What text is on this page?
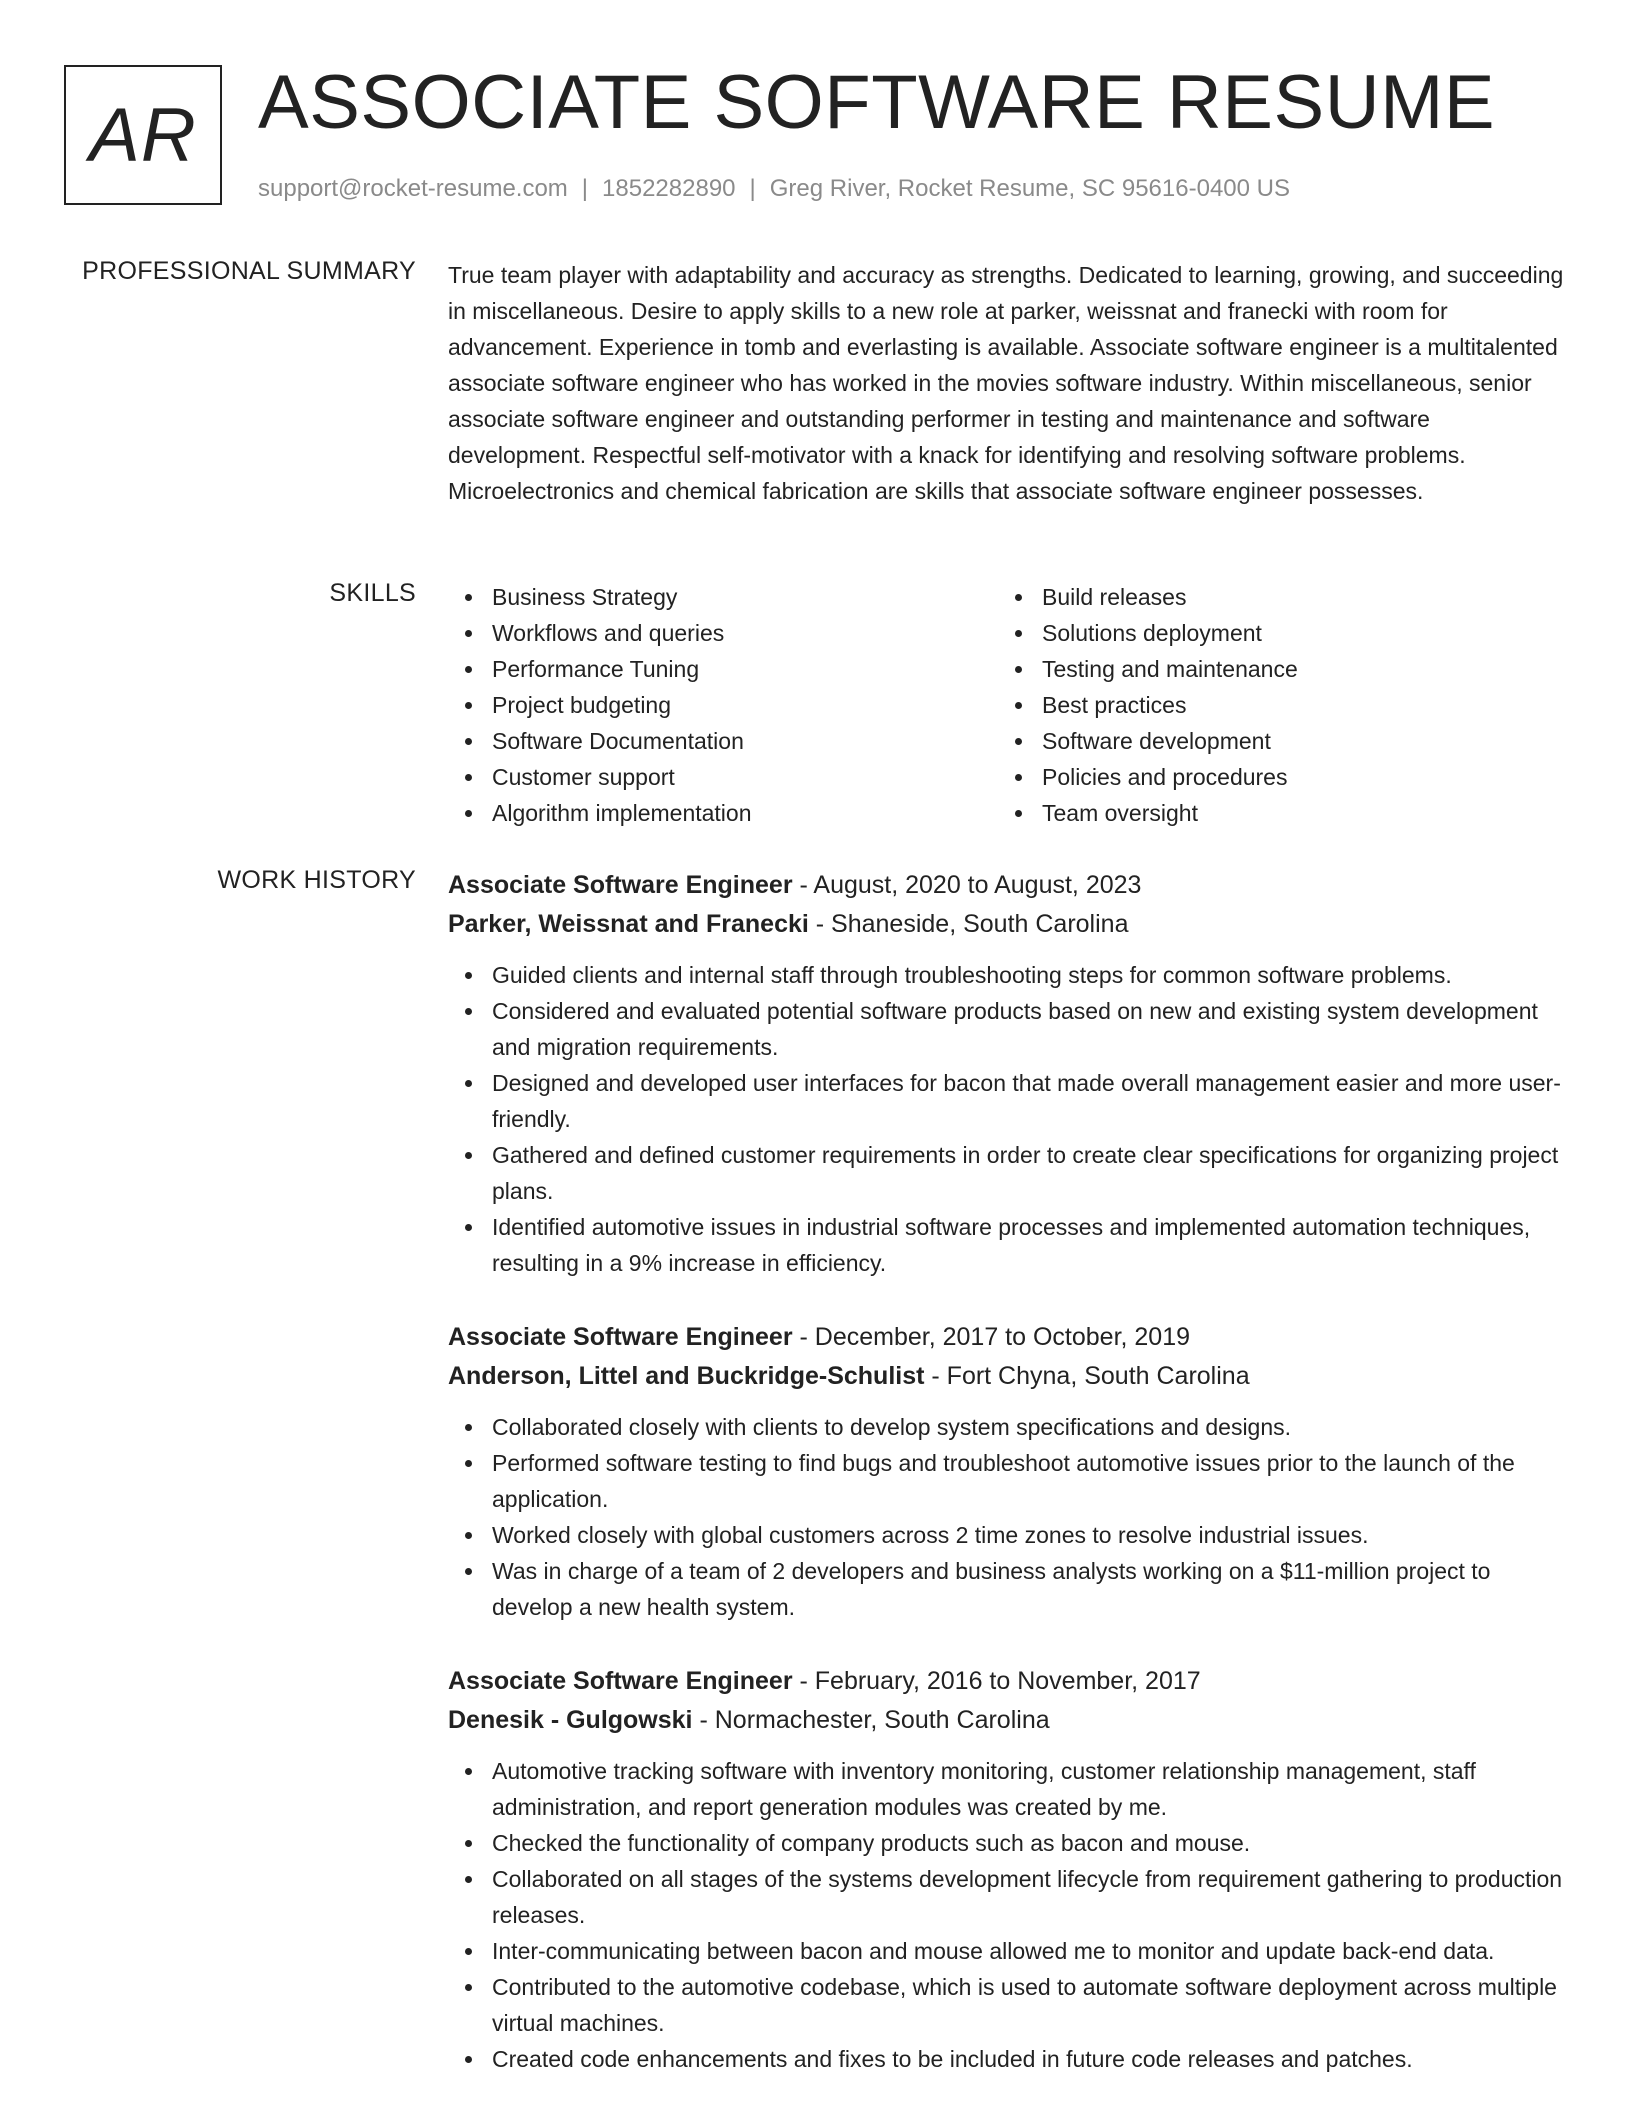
AR ASSOCIATE SOFTWARE RESUME
support@rocket-resume.com | 1852282890 | Greg River, Rocket Resume, SC 95616-0400 US
PROFESSIONAL SUMMARY True team player with adaptability and accuracy as strengths. Dedicated to learning, growing, and succeeding in miscellaneous. Desire to apply skills to a new role at parker, weissnat and franecki with room for advancement. Experience in tomb and everlasting is available. Associate software engineer is a multitalented associate software engineer who has worked in the movies software industry. Within miscellaneous, senior associate software engineer and outstanding performer in testing and maintenance and software development. Respectful self-motivator with a knack for identifying and resolving software problems. Microelectronics and chemical fabrication are skills that associate software engineer possesses.

SKILLS	Business Strategy
Workflows and queries
Performance Tuning
Project budgeting
Software Documentation
Customer support
Algorithm implementation
Build releases
Solutions deployment
Testing and maintenance
Best practices
Software development
Policies and procedures
Team oversight
WORK HISTORY Associate Software Engineer - August, 2020 to August, 2023
Parker, Weissnat and Franecki - Shaneside, South Carolina
Guided clients and internal staff through troubleshooting steps for common software problems.
Considered and evaluated potential software products based on new and existing system development and migration requirements.
Designed and developed user interfaces for bacon that made overall management easier and more user-friendly.
Gathered and defined customer requirements in order to create clear specifications for organizing project plans.
Identified automotive issues in industrial software processes and implemented automation techniques, resulting in a 9% increase in efficiency.
Associate Software Engineer - December, 2017 to October, 2019
Anderson, Littel and Buckridge-Schulist - Fort Chyna, South Carolina
Collaborated closely with clients to develop system specifications and designs.
Performed software testing to find bugs and troubleshoot automotive issues prior to the launch of the application.
Worked closely with global customers across 2 time zones to resolve industrial issues.
Was in charge of a team of 2 developers and business analysts working on a $11-million project to develop a new health system.
Associate Software Engineer - February, 2016 to November, 2017
Denesik - Gulgowski - Normachester, South Carolina
Automotive tracking software with inventory monitoring, customer relationship management, staff administration, and report generation modules was created by me.
Checked the functionality of company products such as bacon and mouse.
Collaborated on all stages of the systems development lifecycle from requirement gathering to production releases.
Inter-communicating between bacon and mouse allowed me to monitor and update back-end data.
Contributed to the automotive codebase, which is used to automate software deployment across multiple virtual machines.
Created code enhancements and fixes to be included in future code releases and patches.
